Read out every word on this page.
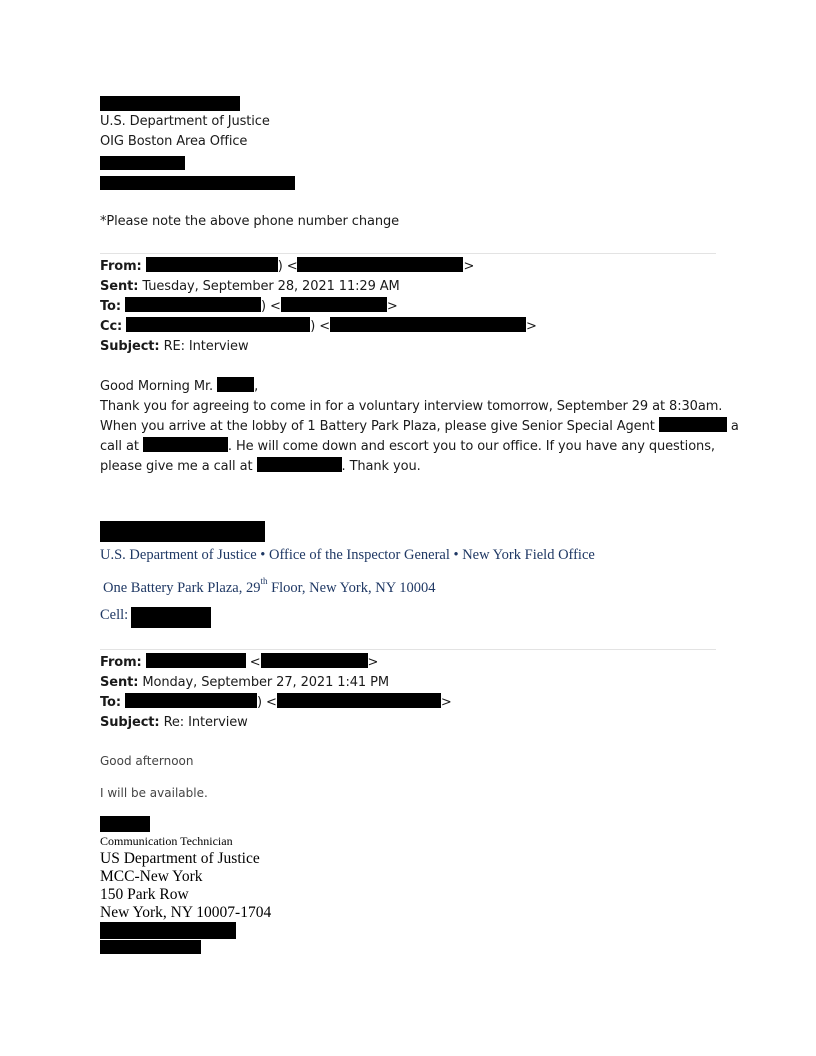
U.S. Department of Justice
OIG Boston Area Office
*Please note the above phone number change
From:	) <	>
Sent: Tuesday, September 28, 2021 11:29 AM
To:	) <	>
Cc:	) <	>
Subject: RE: Interview
Good Morning Mr.	,
Thank you for agreeing to come in for a voluntary interview tomorrow, September 29 at 8:30am.
When you arrive at the lobby of 1 Battery Park Plaza, please give Senior Special Agent	a
call at	. He will come down and escort you to our office. If you have any questions,
please give me a call at	. Thank you.
U.S. Department of Justice • Office of the Inspector General • New York Field Office
One Battery Park Plaza, 29th Floor, New York, NY 10004
Cell:
From:	<	>
Sent: Monday, September 27, 2021 1:41 PM
To:	) <	>
Subject: Re: Interview
Good afternoon
I will be available.
Communication Technician
US Department of Justice
MCC-New York
150 Park Row
New York, NY 10007-1704
